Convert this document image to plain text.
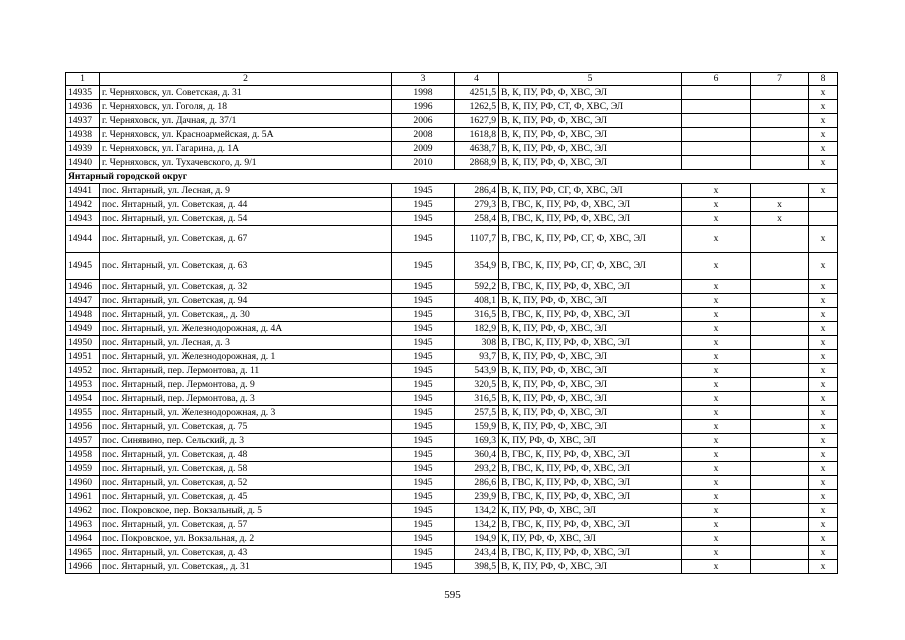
1	2	3	4	5	6	7	8
14935	г. Черняховск, ул. Советская, д. 31	1998	4251,5	В, К, ПУ, РФ, Ф, ХВС, ЭЛ			х
14936	г. Черняховск, ул. Гоголя, д. 18	1996	1262,5	В, К, ПУ, РФ, СТ, Ф, ХВС, ЭЛ			х
14937	г. Черняховск, ул. Дачная, д. 37/1	2006	1627,9	В, К, ПУ, РФ, Ф, ХВС, ЭЛ			х
14938	г. Черняховск, ул. Красноармейская, д. 5А	2008	1618,8	В, К, ПУ, РФ, Ф, ХВС, ЭЛ			х
14939	г. Черняховск, ул. Гагарина, д. 1А	2009	4638,7	В, К, ПУ, РФ, Ф, ХВС, ЭЛ			х
14940	г. Черняховск, ул. Тухачевского, д. 9/1	2010	2868,9	В, К, ПУ, РФ, Ф, ХВС, ЭЛ			х
Янтарный городской округ							
14941	пос. Янтарный, ул. Лесная, д. 9	1945	286,4	В, К, ПУ, РФ, СГ, Ф, ХВС, ЭЛ	х		х
14942	пос. Янтарный, ул. Советская, д. 44	1945	279,3	В, ГВС, К, ПУ, РФ, Ф, ХВС, ЭЛ	х	х	
14943	пос. Янтарный, ул. Советская, д. 54	1945	258,4	В, ГВС, К, ПУ, РФ, Ф, ХВС, ЭЛ	х	х	
14944	пос. Янтарный, ул. Советская, д. 67	1945	1107,7	В, ГВС, К, ПУ, РФ, СГ, Ф, ХВС, ЭЛ	х		х
14945	пос. Янтарный, ул. Советская, д. 63	1945	354,9	В, ГВС, К, ПУ, РФ, СГ, Ф, ХВС, ЭЛ	х		х
14946	пос. Янтарный, ул. Советская, д. 32	1945	592,2	В, ГВС, К, ПУ, РФ, Ф, ХВС, ЭЛ	х		х
14947	пос. Янтарный, ул. Советская, д. 94	1945	408,1	В, К, ПУ, РФ, Ф, ХВС, ЭЛ	х		х
14948	пос. Янтарный, ул. Советская,, д. 30	1945	316,5	В, ГВС, К, ПУ, РФ, Ф, ХВС, ЭЛ	х		х
14949	пос. Янтарный, ул. Железнодорожная, д. 4А	1945	182,9	В, К, ПУ, РФ, Ф, ХВС, ЭЛ	х		х
14950	пос. Янтарный, ул. Лесная, д. 3	1945	308	В, ГВС, К, ПУ, РФ, Ф, ХВС, ЭЛ	х		х
14951	пос. Янтарный, ул. Железнодорожная, д. 1	1945	93,7	В, К, ПУ, РФ, Ф, ХВС, ЭЛ	х		х
14952	пос. Янтарный, пер. Лермонтова, д. 11	1945	543,9	В, К, ПУ, РФ, Ф, ХВС, ЭЛ	х		х
14953	пос. Янтарный, пер. Лермонтова, д. 9	1945	320,5	В, К, ПУ, РФ, Ф, ХВС, ЭЛ	х		х
14954	пос. Янтарный, пер. Лермонтова, д. 3	1945	316,5	В, К, ПУ, РФ, Ф, ХВС, ЭЛ	х		х
14955	пос. Янтарный, ул. Железнодорожная, д. 3	1945	257,5	В, К, ПУ, РФ, Ф, ХВС, ЭЛ	х		х
14956	пос. Янтарный, ул. Советская, д. 75	1945	159,9	В, К, ПУ, РФ, Ф, ХВС, ЭЛ	х		х
14957	пос. Синявино, пер. Сельский, д. 3	1945	169,3	К, ПУ, РФ, Ф, ХВС, ЭЛ	х		х
14958	пос. Янтарный, ул. Советская, д. 48	1945	360,4	В, ГВС, К, ПУ, РФ, Ф, ХВС, ЭЛ	х		х
14959	пос. Янтарный, ул. Советская, д. 58	1945	293,2	В, ГВС, К, ПУ, РФ, Ф, ХВС, ЭЛ	х		х
14960	пос. Янтарный, ул. Советская, д. 52	1945	286,6	В, ГВС, К, ПУ, РФ, Ф, ХВС, ЭЛ	х		х
14961	пос. Янтарный, ул. Советская, д. 45	1945	239,9	В, ГВС, К, ПУ, РФ, Ф, ХВС, ЭЛ	х		х
14962	пос. Покровское, пер. Вокзальный, д. 5	1945	134,2	К, ПУ, РФ, Ф, ХВС, ЭЛ	х		х
14963	пос. Янтарный, ул. Советская, д. 57	1945	134,2	В, ГВС, К, ПУ, РФ, Ф, ХВС, ЭЛ	х		х
14964	пос. Покровское, ул. Вокзальная, д. 2	1945	194,9	К, ПУ, РФ, Ф, ХВС, ЭЛ	х		х
14965	пос. Янтарный, ул. Советская, д. 43	1945	243,4	В, ГВС, К, ПУ, РФ, Ф, ХВС, ЭЛ	х		х
14966	пос. Янтарный, ул. Советская,, д. 31	1945	398,5	В, К, ПУ, РФ, Ф, ХВС, ЭЛ	х		х
595
